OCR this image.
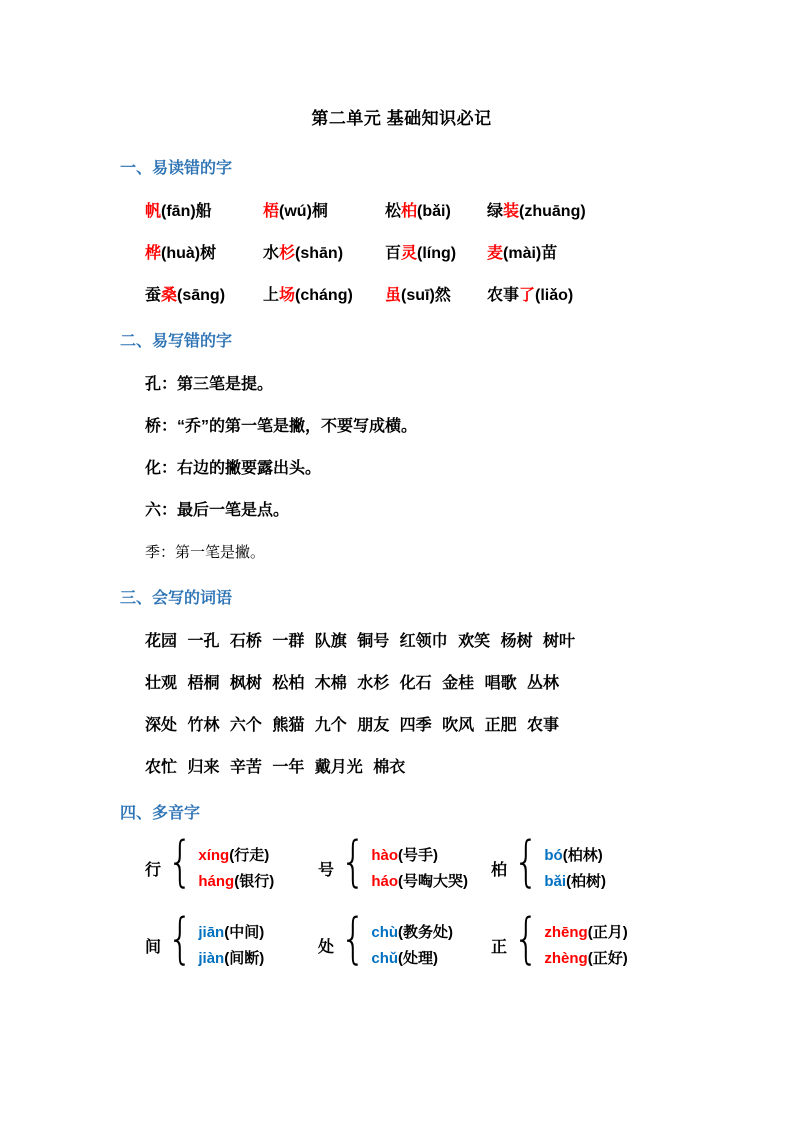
第二单元 基础知识必记
一、易读错的字
帆(fān)船	梧(wú)桐	松柏(bǎi)	绿装(zhuāng)
桦(huà)树	水杉(shān)	百灵(líng)	麦(mài)苗
蚕桑(sāng)	上场(cháng)	虽(suī)然	农事了(liǎo)
二、易写错的字

孔：第三笔是提。

桥：“乔”的第一笔是撇，不要写成横。

化：右边的撇要露出头。

六：最后一笔是点。

季：第一笔是撇。

三、会写的词语

花园 一孔 石桥 一群 队旗 铜号 红领巾 欢笑 杨树 树叶

壮观 梧桐 枫树 松柏 木棉 水杉 化石 金桂 唱歌 丛林

深处 竹林 六个 熊猫 九个 朋友 四季 吹风 正肥 农事

农忙 归来 辛苦 一年 戴月光 棉衣

四、多音字
行
{
xíng(行走)
háng(银行)
号
{
hào(号手)
háo(号啕大哭)
柏
{
bó(柏林)
bǎi(柏树)
间
{
jiān(中间)
jiàn(间断)
处
{
chù(教务处)
chǔ(处理)
正
{
zhēng(正月)
zhèng(正好)
